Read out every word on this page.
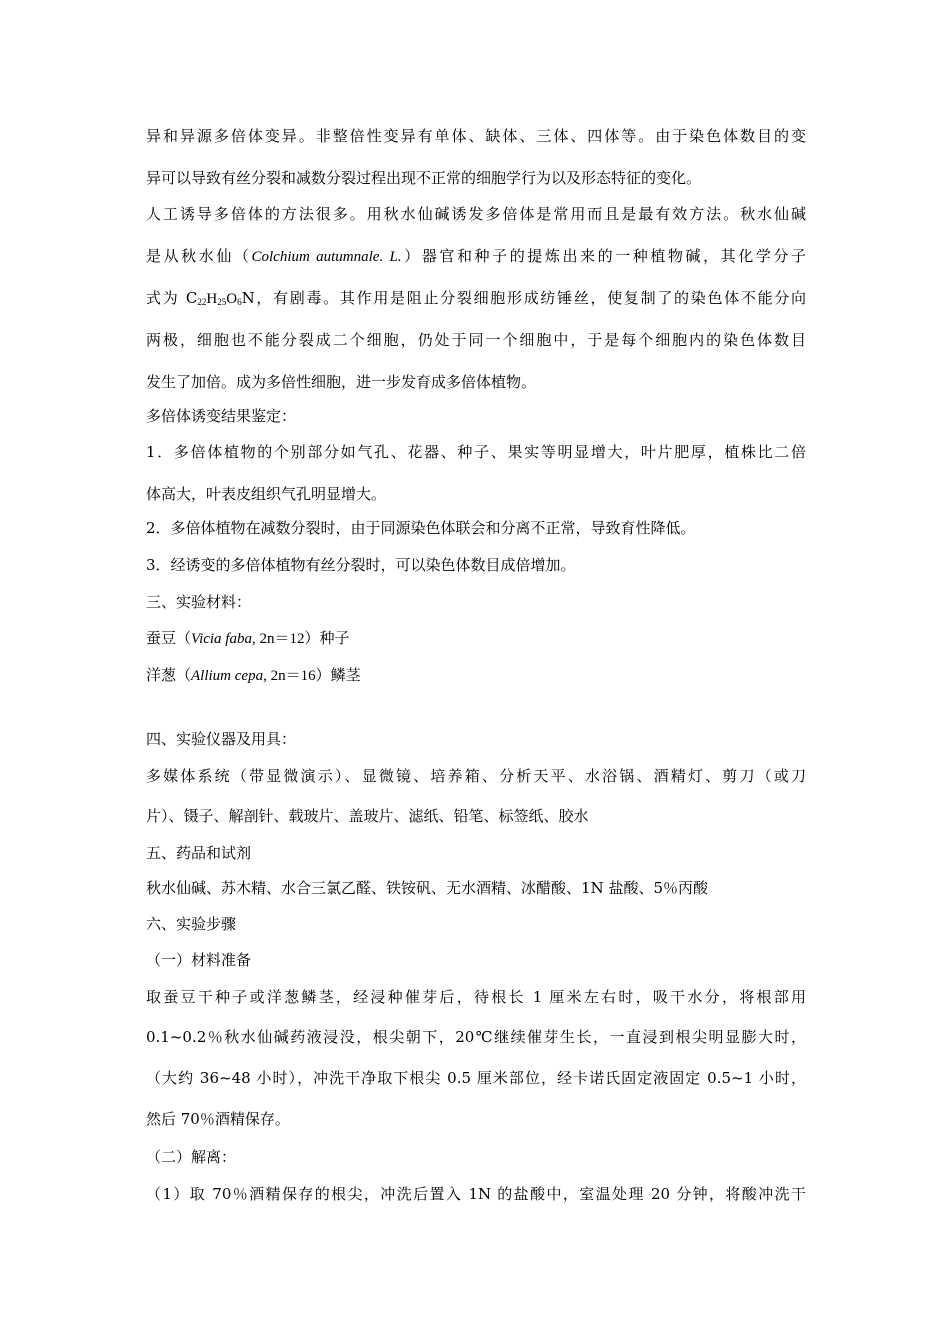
异和异源多倍体变异。非整倍性变异有单体、缺体、三体、四体等。由于染色体数目的变
异可以导致有丝分裂和减数分裂过程出现不正常的细胞学行为以及形态特征的变化。
人工诱导多倍体的方法很多。用秋水仙碱诱发多倍体是常用而且是最有效方法。秋水仙碱
是从秋水仙（Colchium autumnale. L.）器官和种子的提炼出来的一种植物碱，其化学分子
式为 $C_{22}H_{25}O_6N$，有剧毒。其作用是阻止分裂细胞形成纺锤丝，使复制了的染色体不能分向
两极，细胞也不能分裂成二个细胞，仍处于同一个细胞中，于是每个细胞内的染色体数目
发生了加倍。成为多倍性细胞，进一步发育成多倍体植物。
多倍体诱变结果鉴定：
1．多倍体植物的个别部分如气孔、花器、种子、果实等明显增大，叶片肥厚，植株比二倍
体高大，叶表皮组织气孔明显增大。
2．多倍体植物在减数分裂时，由于同源染色体联会和分离不正常，导致育性降低。
3．经诱变的多倍体植物有丝分裂时，可以染色体数目成倍增加。
三、实验材料：
蚕豆（Vicia faba, 2n＝12）种子
洋葱（Allium cepa, 2n＝16）鳞茎
四、实验仪器及用具：
多媒体系统（带显微演示）、显微镜、培养箱、分析天平、水浴锅、酒精灯、剪刀（或刀
片）、镊子、解剖针、载玻片、盖玻片、滤纸、铅笔、标签纸、胶水
五、药品和试剂
秋水仙碱、苏木精、水合三氯乙醛、铁铵矾、无水酒精、冰醋酸、1N 盐酸、5％丙酸
六、实验步骤
（一）材料准备
取蚕豆干种子或洋葱鳞茎，经浸种催芽后，待根长 1 厘米左右时，吸干水分，将根部用
0.1~0.2％秋水仙碱药液浸没，根尖朝下，20℃继续催芽生长，一直浸到根尖明显膨大时，
（大约 36~48 小时），冲洗干净取下根尖 0.5 厘米部位，经卡诺氏固定液固定 0.5~1 小时，
然后 70％酒精保存。
（二）解离：
（1）取 70％酒精保存的根尖，冲洗后置入 1N 的盐酸中，室温处理 20 分钟，将酸冲洗干
